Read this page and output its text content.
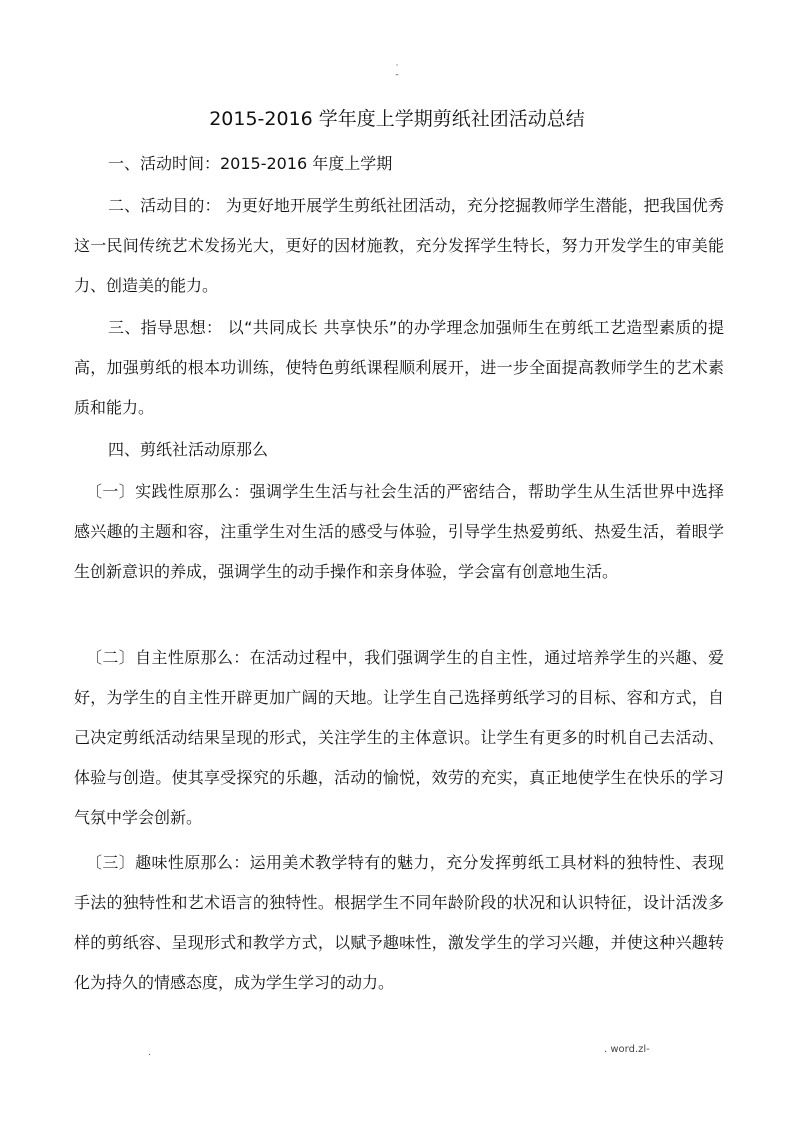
·
-
2015-2016 学年度上学期剪纸社团活动总结

一、活动时间：2015-2016 年度上学期

二、活动目的： 为更好地开展学生剪纸社团活动，充分挖掘教师学生潜能，把我国优秀这一民间传统艺术发扬光大，更好的因材施教，充分发挥学生特长，努力开发学生的审美能力、创造美的能力。

三、指导思想： 以“共同成长 共享快乐”的办学理念加强师生在剪纸工艺造型素质的提高，加强剪纸的根本功训练，使特色剪纸课程顺利展开，进一步全面提高教师学生的艺术素质和能力。

四、剪纸社活动原那么

〔一〕实践性原那么：强调学生生活与社会生活的严密结合，帮助学生从生活世界中选择感兴趣的主题和容，注重学生对生活的感受与体验，引导学生热爱剪纸、热爱生活，着眼学生创新意识的养成，强调学生的动手操作和亲身体验，学会富有创意地生活。

〔二〕自主性原那么：在活动过程中，我们强调学生的自主性，通过培养学生的兴趣、爱好，为学生的自主性开辟更加广阔的天地。让学生自己选择剪纸学习的目标、容和方式，自己决定剪纸活动结果呈现的形式，关注学生的主体意识。让学生有更多的时机自己去活动、体验与创造。使其享受探究的乐趣，活动的愉悦，效劳的充实，真正地使学生在快乐的学习气氛中学会创新。

〔三〕趣味性原那么：运用美术教学特有的魅力，充分发挥剪纸工具材料的独特性、表现手法的独特性和艺术语言的独特性。根据学生不同年龄阶段的状况和认识特征，设计活泼多样的剪纸容、呈现形式和教学方式，以赋予趣味性，激发学生的学习兴趣，并使这种兴趣转化为持久的情感态度，成为学生学习的动力。

.	. word.zl-
